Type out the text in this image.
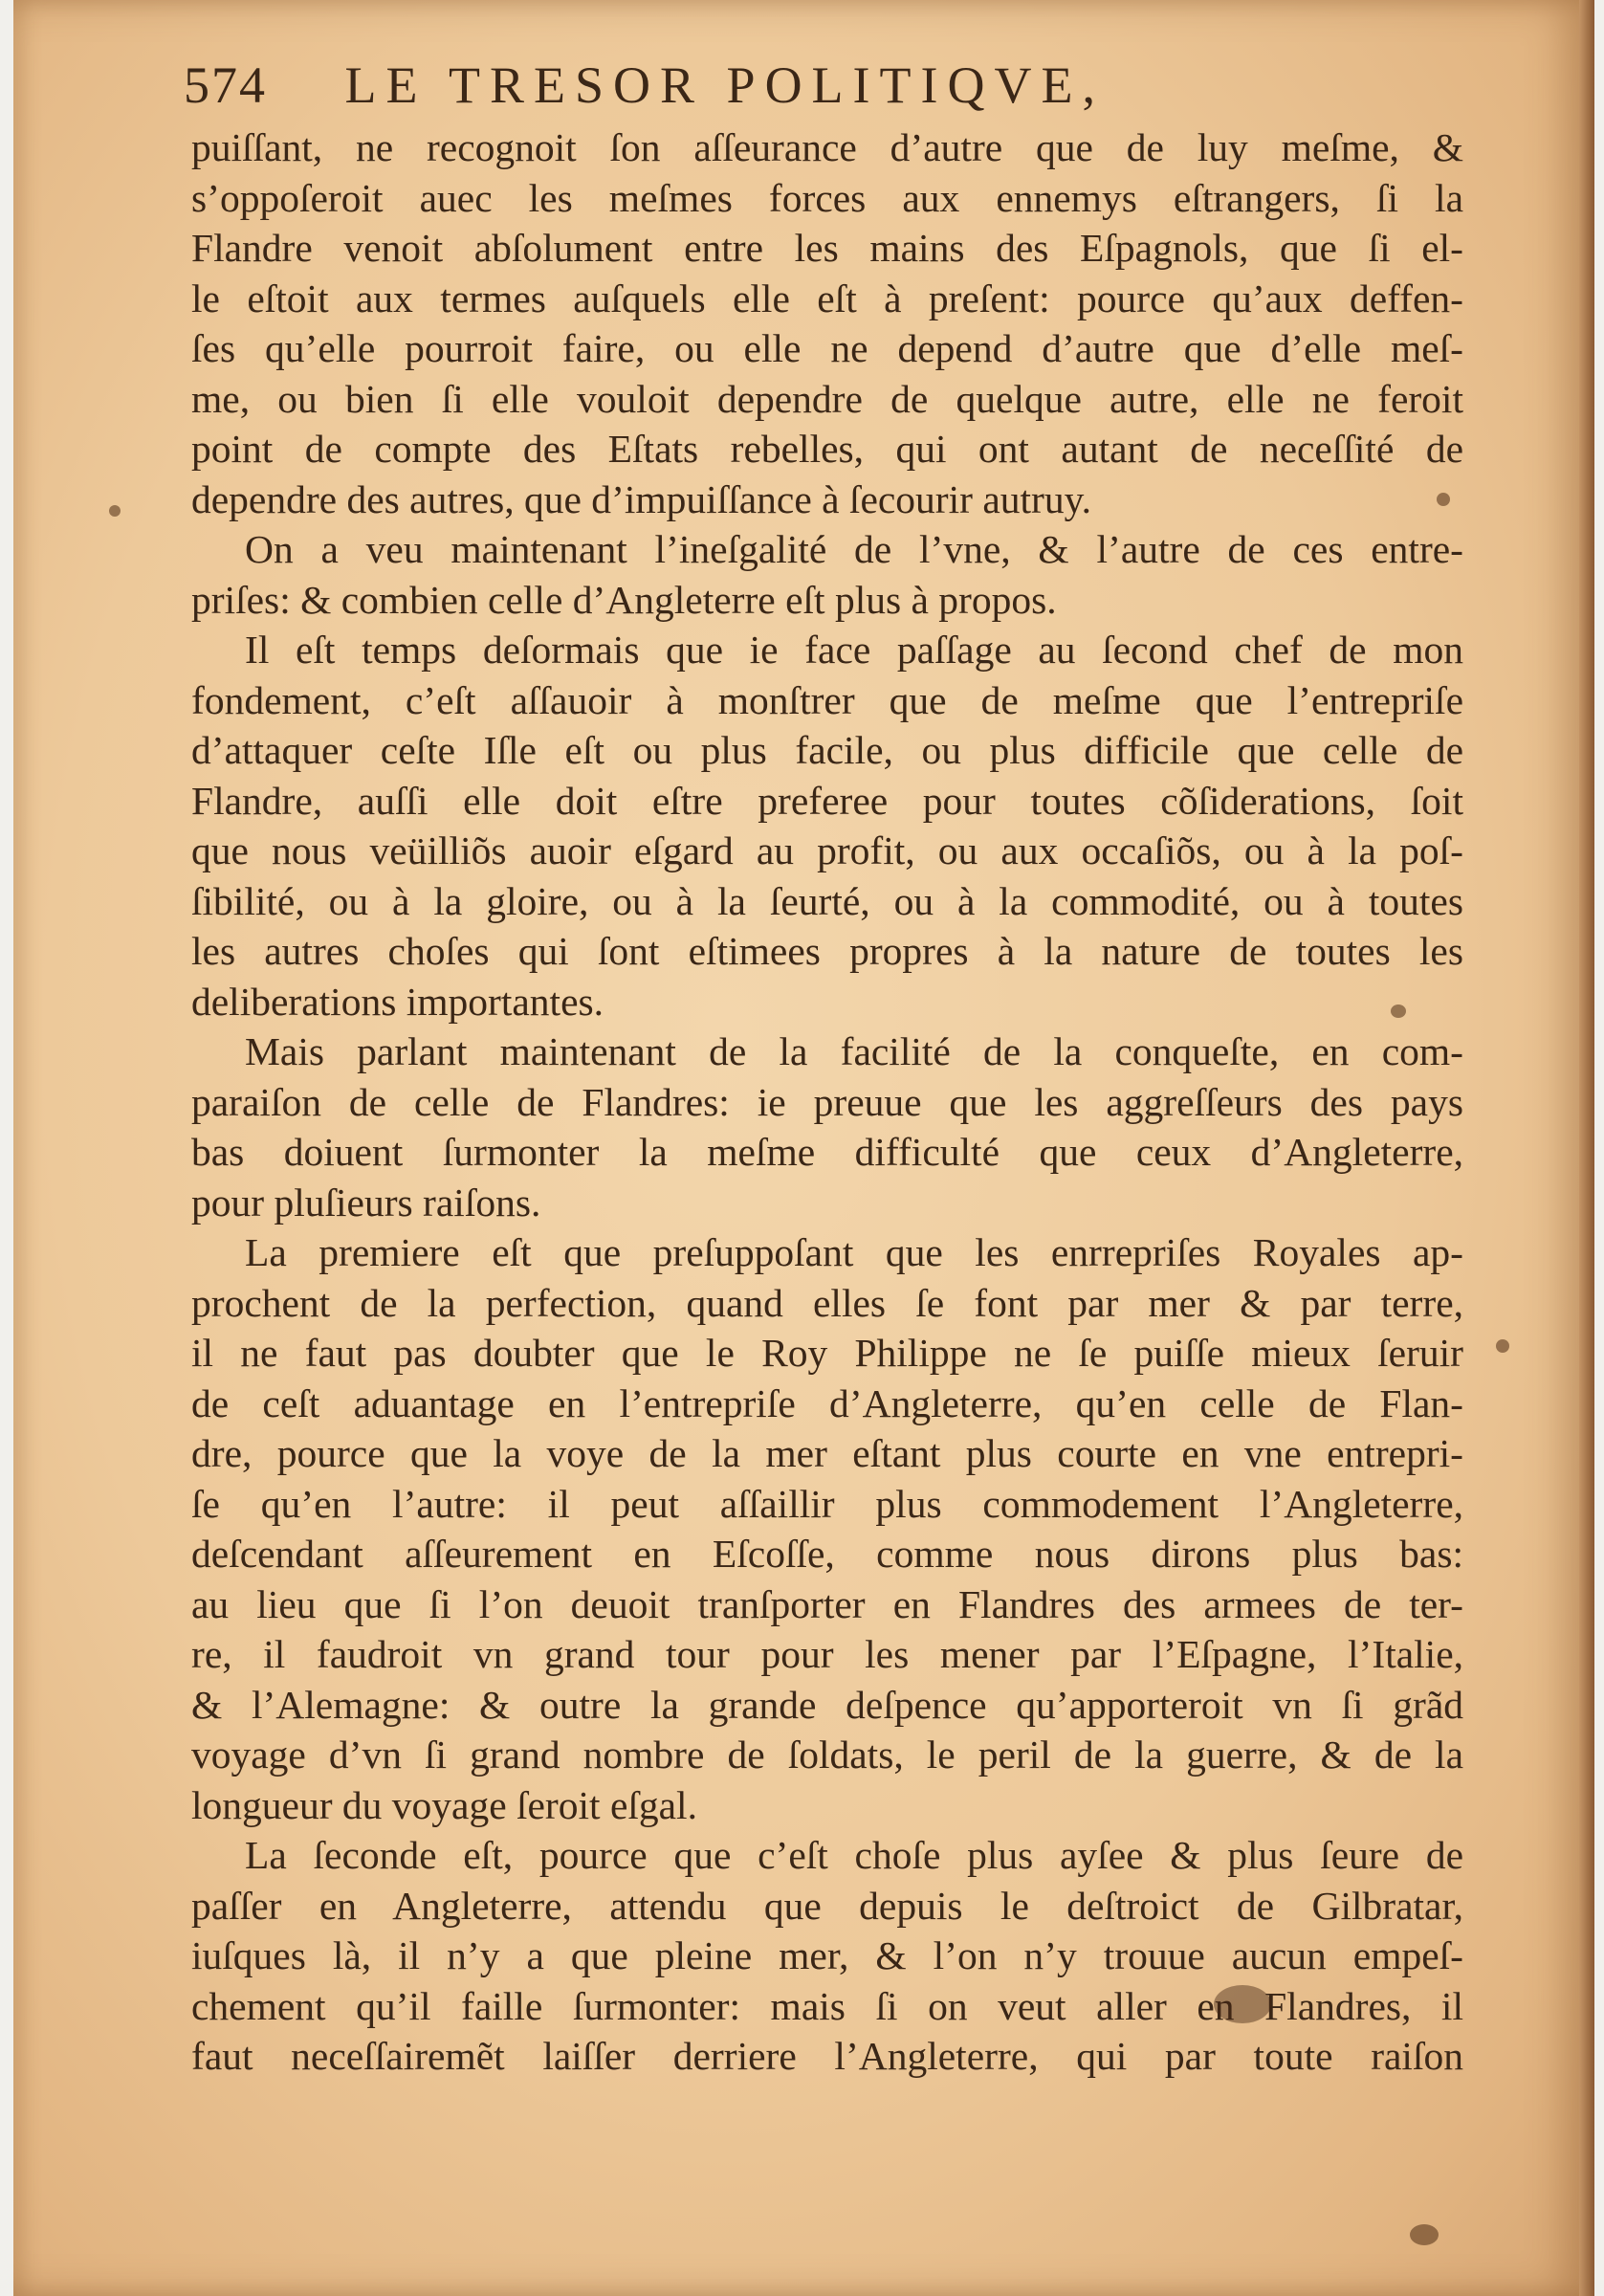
574 LE TRESOR POLITIQVE,
puiſſant, ne recognoit ſon aſſeurance d’autre que de luy meſme, &
s’oppoſeroit auec les meſmes forces aux ennemys eſtrangers, ſi la
Flandre venoit abſolument entre les mains des Eſpagnols, que ſi el-
le eſtoit aux termes auſquels elle eſt à preſent: pource qu’aux deffen-
ſes qu’elle pourroit faire, ou elle ne depend d’autre que d’elle meſ-
me, ou bien ſi elle vouloit dependre de quelque autre, elle ne feroit
point de compte des Eſtats rebelles, qui ont autant de neceſſité de
dependre des autres, que d’impuiſſance à ſecourir autruy.
On a veu maintenant l’ineſgalité de l’vne, & l’autre de ces entre-
priſes: & combien celle d’Angleterre eſt plus à propos.
Il eſt temps deſormais que ie face paſſage au ſecond chef de mon
fondement, c’eſt aſſauoir à monſtrer que de meſme que l’entrepriſe
d’attaquer ceſte Iſle eſt ou plus facile, ou plus difficile que celle de
Flandre, auſſi elle doit eſtre preferee pour toutes cõſiderations, ſoit
que nous veüilliõs auoir eſgard au profit, ou aux occaſiõs, ou à la poſ-
ſibilité, ou à la gloire, ou à la ſeurté, ou à la commodité, ou à toutes
les autres choſes qui ſont eſtimees propres à la nature de toutes les
deliberations importantes.
Mais parlant maintenant de la facilité de la conqueſte, en com-
paraiſon de celle de Flandres: ie preuue que les aggreſſeurs des pays
bas doiuent ſurmonter la meſme difficulté que ceux d’Angleterre,
pour pluſieurs raiſons.
La premiere eſt que preſuppoſant que les enrrepriſes Royales ap-
prochent de la perfection, quand elles ſe font par mer & par terre,
il ne faut pas doubter que le Roy Philippe ne ſe puiſſe mieux ſeruir
de ceſt aduantage en l’entrepriſe d’Angleterre, qu’en celle de Flan-
dre, pource que la voye de la mer eſtant plus courte en vne entrepri-
ſe qu’en l’autre: il peut aſſaillir plus commodement l’Angleterre,
deſcendant aſſeurement en Eſcoſſe, comme nous dirons plus bas:
au lieu que ſi l’on deuoit tranſporter en Flandres des armees de ter-
re, il faudroit vn grand tour pour les mener par l’Eſpagne, l’Italie,
& l’Alemagne: & outre la grande deſpence qu’apporteroit vn ſi grãd
voyage d’vn ſi grand nombre de ſoldats, le peril de la guerre, & de la
longueur du voyage ſeroit eſgal.
La ſeconde eſt, pource que c’eſt choſe plus ayſee & plus ſeure de
paſſer en Angleterre, attendu que depuis le deſtroict de Gilbratar,
iuſques là, il n’y a que pleine mer, & l’on n’y trouue aucun empeſ-
chement qu’il faille ſurmonter: mais ſi on veut aller en Flandres, il
faut neceſſairemẽt laiſſer derriere l’Angleterre, qui par toute raiſon
